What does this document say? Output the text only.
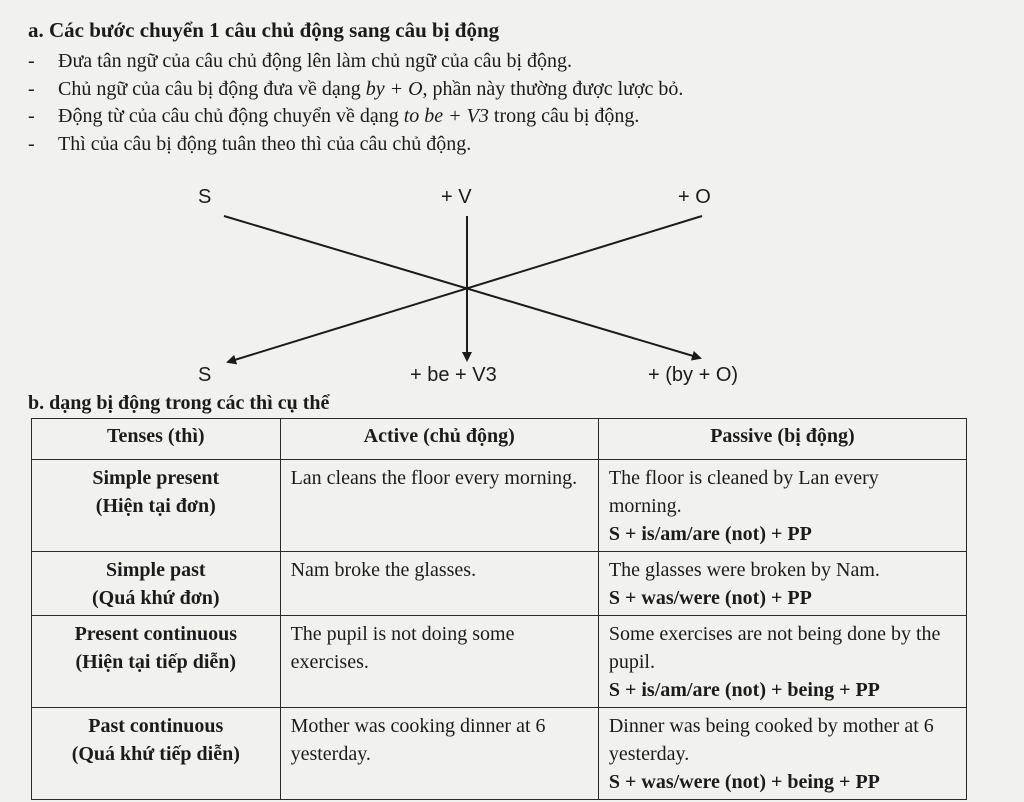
a. Các bước chuyển 1 câu chủ động sang câu bị động
- Đưa tân ngữ của câu chủ động lên làm chủ ngữ của câu bị động.
- Chủ ngữ của câu bị động đưa về dạng by + O, phần này thường được lược bỏ.
- Động từ của câu chủ động chuyển về dạng to be + V3 trong câu bị động.
- Thì của câu bị động tuân theo thì của câu chủ động.
S	+ V	+ O
S	+ be + V3	+ (by + O)
b. dạng bị động trong các thì cụ thể
Tenses (thì)	Active (chủ động)	Passive (bị động)

Simple present
(Hiện tại đơn)	Lan cleans the floor every morning.	The floor is cleaned by Lan every morning.
S + is/am/are (not) + PP

Simple past
(Quá khứ đơn)	Nam broke the glasses.	The glasses were broken by Nam.
S + was/were (not) + PP

Present continuous
(Hiện tại tiếp diễn)	The pupil is not doing some exercises.	Some exercises are not being done by the pupil.
S + is/am/are (not) + being + PP

Past continuous
(Quá khứ tiếp diễn)	Mother was cooking dinner at 6 yesterday.	Dinner was being cooked by mother at 6 yesterday.
S + was/were (not) + being + PP
